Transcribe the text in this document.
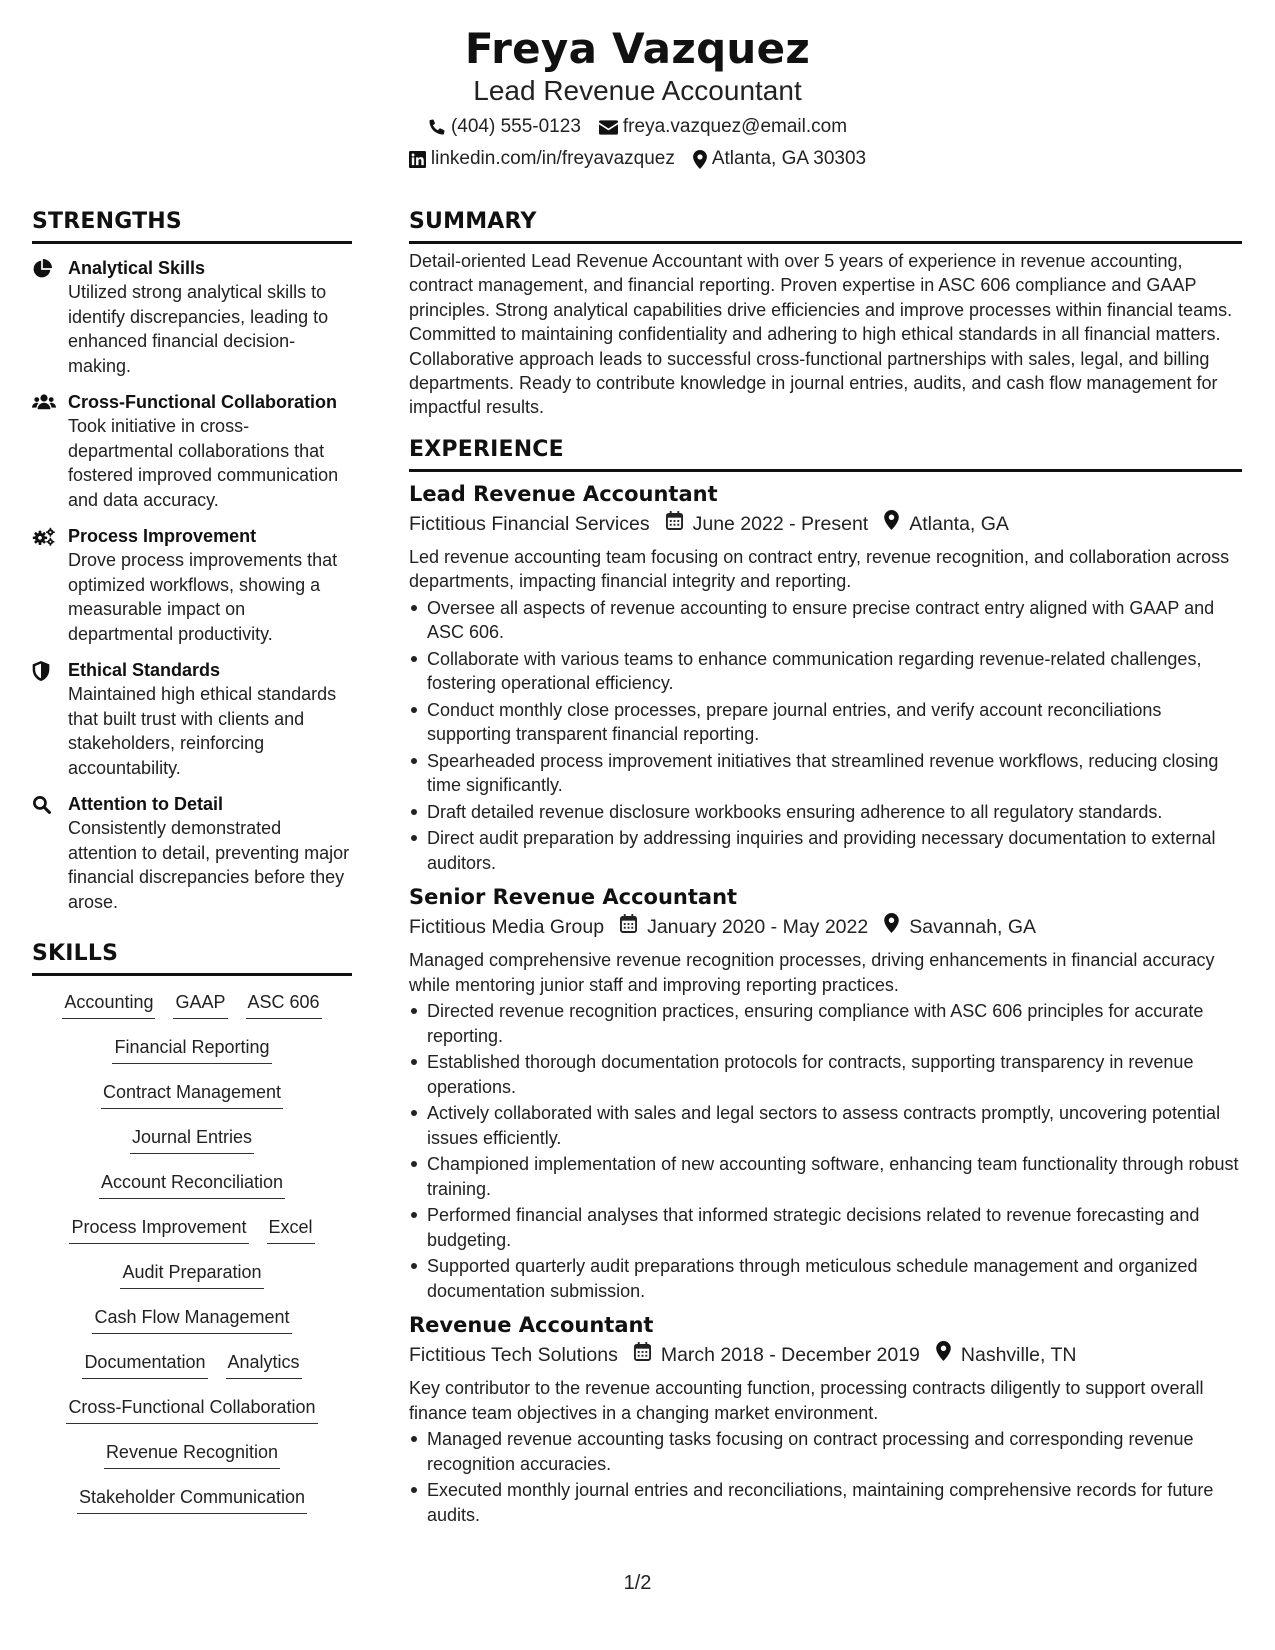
Freya Vazquez
Lead Revenue Accountant
(404) 555-0123 freya.vazquez@email.com
linkedin.com/in/freyavazquez Atlanta, GA 30303
STRENGTHS
Analytical Skills
Utilized strong analytical skills to identify discrepancies, leading to enhanced financial decision-making.
Cross-Functional Collaboration
Took initiative in cross-departmental collaborations that fostered improved communication and data accuracy.
Process Improvement
Drove process improvements that optimized workflows, showing a measurable impact on departmental productivity.
Ethical Standards
Maintained high ethical standards that built trust with clients and stakeholders, reinforcing accountability.
Attention to Detail
Consistently demonstrated attention to detail, preventing major financial discrepancies before they arose.
SKILLS
Accounting GAAP ASC 606
Financial Reporting
Contract Management
Journal Entries
Account Reconciliation
Process Improvement Excel
Audit Preparation
Cash Flow Management
Documentation Analytics
Cross-Functional Collaboration
Revenue Recognition
Stakeholder Communication
SUMMARY
Detail-oriented Lead Revenue Accountant with over 5 years of experience in revenue accounting, contract management, and financial reporting. Proven expertise in ASC 606 compliance and GAAP principles. Strong analytical capabilities drive efficiencies and improve processes within financial teams. Committed to maintaining confidentiality and adhering to high ethical standards in all financial matters. Collaborative approach leads to successful cross-functional partnerships with sales, legal, and billing departments. Ready to contribute knowledge in journal entries, audits, and cash flow management for impactful results.
EXPERIENCE
Lead Revenue Accountant
Fictitious Financial Services June 2022 - Present Atlanta, GA
Led revenue accounting team focusing on contract entry, revenue recognition, and collaboration across departments, impacting financial integrity and reporting.
Oversee all aspects of revenue accounting to ensure precise contract entry aligned with GAAP and ASC 606.
Collaborate with various teams to enhance communication regarding revenue-related challenges, fostering operational efficiency.
Conduct monthly close processes, prepare journal entries, and verify account reconciliations supporting transparent financial reporting.
Spearheaded process improvement initiatives that streamlined revenue workflows, reducing closing time significantly.
Draft detailed revenue disclosure workbooks ensuring adherence to all regulatory standards.
Direct audit preparation by addressing inquiries and providing necessary documentation to external auditors.
Senior Revenue Accountant
Fictitious Media Group January 2020 - May 2022 Savannah, GA
Managed comprehensive revenue recognition processes, driving enhancements in financial accuracy while mentoring junior staff and improving reporting practices.
Directed revenue recognition practices, ensuring compliance with ASC 606 principles for accurate reporting.
Established thorough documentation protocols for contracts, supporting transparency in revenue operations.
Actively collaborated with sales and legal sectors to assess contracts promptly, uncovering potential issues efficiently.
Championed implementation of new accounting software, enhancing team functionality through robust training.
Performed financial analyses that informed strategic decisions related to revenue forecasting and budgeting.
Supported quarterly audit preparations through meticulous schedule management and organized documentation submission.
Revenue Accountant
Fictitious Tech Solutions March 2018 - December 2019 Nashville, TN
Key contributor to the revenue accounting function, processing contracts diligently to support overall finance team objectives in a changing market environment.
Managed revenue accounting tasks focusing on contract processing and corresponding revenue recognition accuracies.
Executed monthly journal entries and reconciliations, maintaining comprehensive records for future audits.
1/2
